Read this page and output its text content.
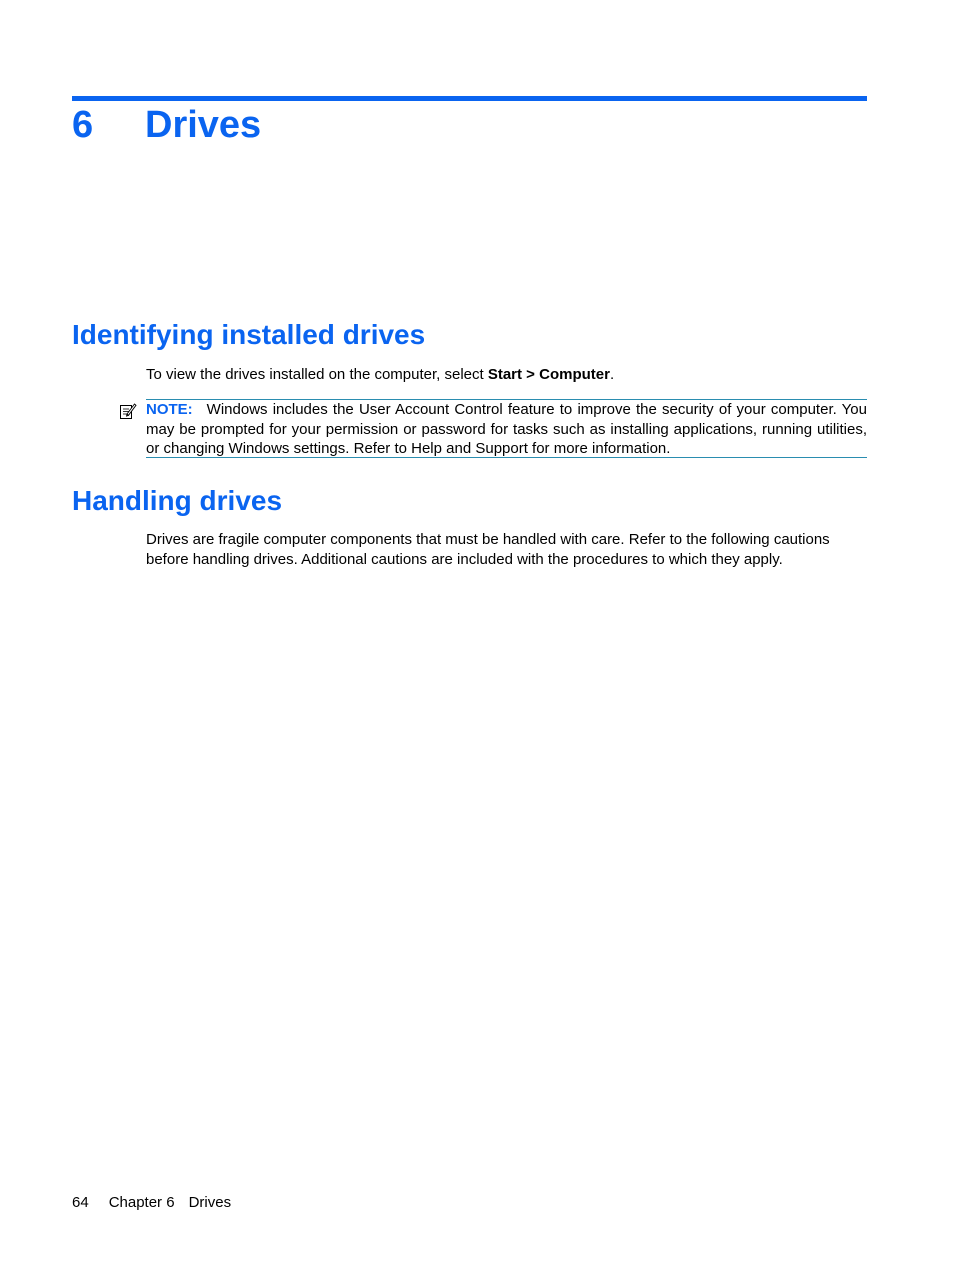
6 Drives
Identifying installed drives

To view the drives installed on the computer, select Start > Computer.

NOTE: Windows includes the User Account Control feature to improve the security of your computer. You may be prompted for your permission or password for tasks such as installing applications, running utilities, or changing Windows settings. Refer to Help and Support for more information.

Handling drives

Drives are fragile computer components that must be handled with care. Refer to the following cautions before handling drives. Additional cautions are included with the procedures to which they apply.

64 Chapter 6 Drives
